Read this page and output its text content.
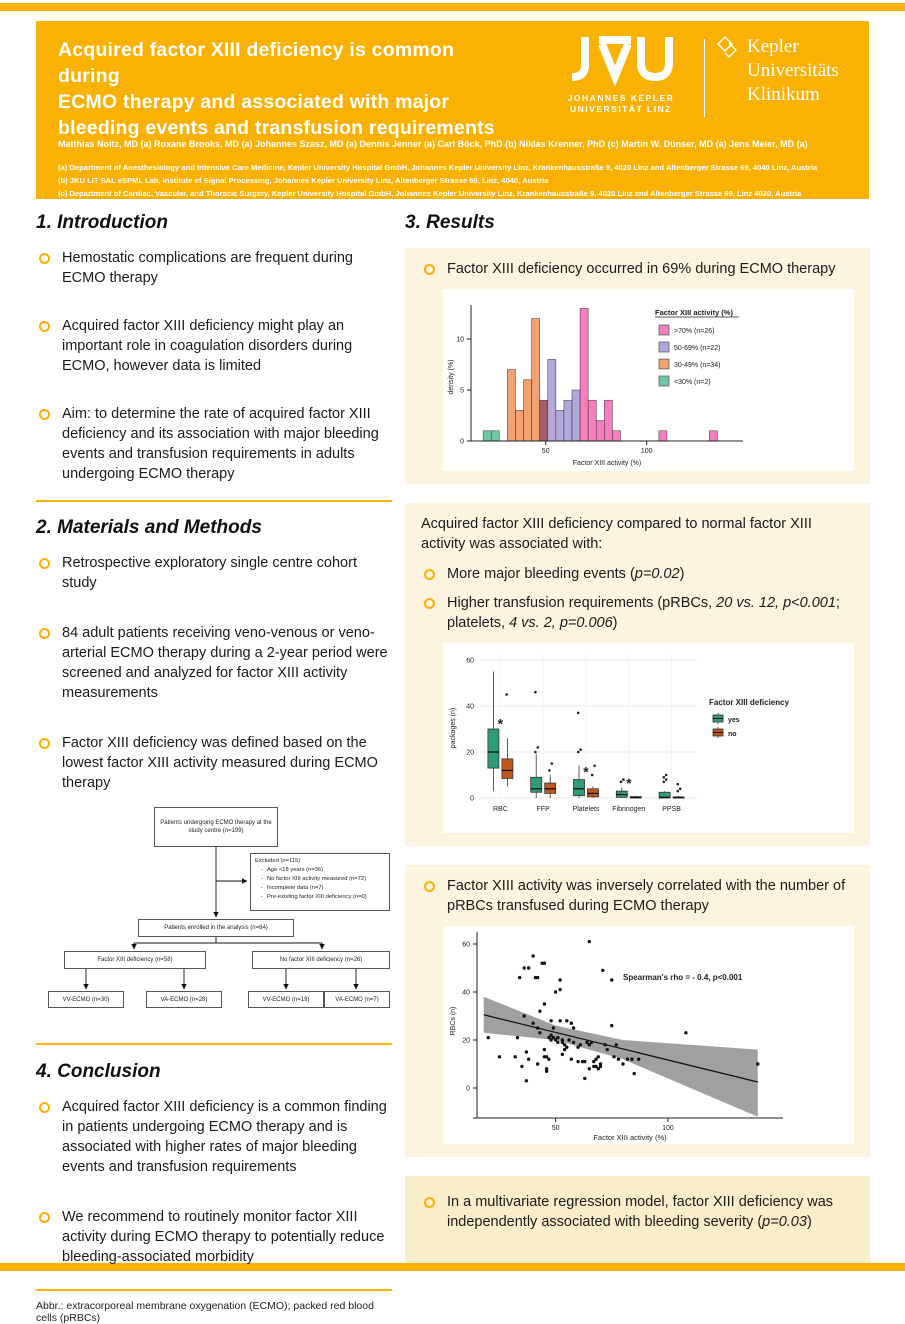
Acquired factor XIII deficiency is common during
ECMO therapy and associated with major
bleeding events and transfusion requirements
JOHANNES KEPLER
UNIVERSITÄT LINZ
Kepler
Universitäts
Klinikum
Matthias Noitz, MD (a) Roxane Brooks, MD (a) Johannes Szasz, MD (a) Dennis Jenner (a) Carl Böck, PhD (b) Niklas Krenner, PhD (c) Martin W. Dünser, MD (a) Jens Meier, MD (a)
(a) Department of Anesthesiology and Intensive Care Medicine, Kepler University Hospital GmbH, Johannes Kepler University Linz, Krankenhausstraße 9, 4020 Linz and Altenberger Strasse 69, 4040 Linz, Austria
(b) JKU LIT SAL eSPML Lab, Institute of Signal Processing, Johannes Kepler University Linz, Altenberger Strasse 69, Linz, 4040, Austria
(c) Department of Cardiac, Vascular, and Thoracic Surgery, Kepler University Hospital GmbH, Johannes Kepler University Linz, Krankenhausstraße 9, 4020 Linz and Altenberger Strasse 69, Linz 4020, Austria
1. Introduction
Hemostatic complications are frequent during ECMO therapy
Acquired factor XIII deficiency might play an important role in coagulation disorders during ECMO, however data is limited
Aim: to determine the rate of acquired factor XIII deficiency and its association with major bleeding events and transfusion requirements in adults undergoing ECMO therapy
2. Materials and Methods
Retrospective exploratory single centre cohort study
84 adult patients receiving veno-venous or veno-arterial ECMO therapy during a 2-year period were screened and analyzed for factor XIII activity measurements
Factor XIII deficiency was defined based on the lowest factor XIII activity measured during ECMO therapy
Patients undergoing ECMO therapy at the study centre (n=199)
Excluded (n=115)
- Age <18 years (n=36)
- No factor XIII activity measured (n=72)
- Incomplete data (n=7)
- Pre-existing factor XIII deficiency (n=0)
Patients enrolled in the analysis (n=84)
Factor XIII deficiency (n=58)	No factor XIII deficiency (n=26)
VV-ECMO (n=30)	VA-ECMO (n=28)	VV-ECMO (n=19)	VA-ECMO (n=7)
4. Conclusion
Acquired factor XIII deficiency is a common finding in patients undergoing ECMO therapy and is associated with higher rates of major bleeding events and transfusion requirements
We recommend to routinely monitor factor XIII activity during ECMO therapy to potentially reduce bleeding-associated morbidity
Abbr.: extracorporeal membrane oxygenation (ECMO); packed red blood cells (pRBCs)
3. Results
Factor XIII deficiency occurred in 69% during ECMO therapy
0
5
10
50	100
Factor XIII activity (%)
density (%)
Factor XIII activity (%)
>70% (n=26)
50-69% (n=22)
30-49% (n=34)
<30% (n=2)

Acquired factor XIII deficiency compared to normal factor XIII activity was associated with:

More major bleeding events (p=0.02)
Higher transfusion requirements (pRBCs, 20 vs. 12, p<0.001; platelets, 4 vs. 2, p=0.006)
*
*
*
0
20
40
60
RBC	FFP	Platelets Fibrinogen PPSB
packages (n)
Factor XIII deficiency
yes
no
Factor XIII activity was inversely correlated with the number of pRBCs transfused during ECMO therapy
0
20
40
60
50	100
Factor XIII activity (%)
RBCs (n)
Spearman's rho = - 0.4, p<0.001
In a multivariate regression model, factor XIII deficiency was independently associated with bleeding severity (p=0.03)
